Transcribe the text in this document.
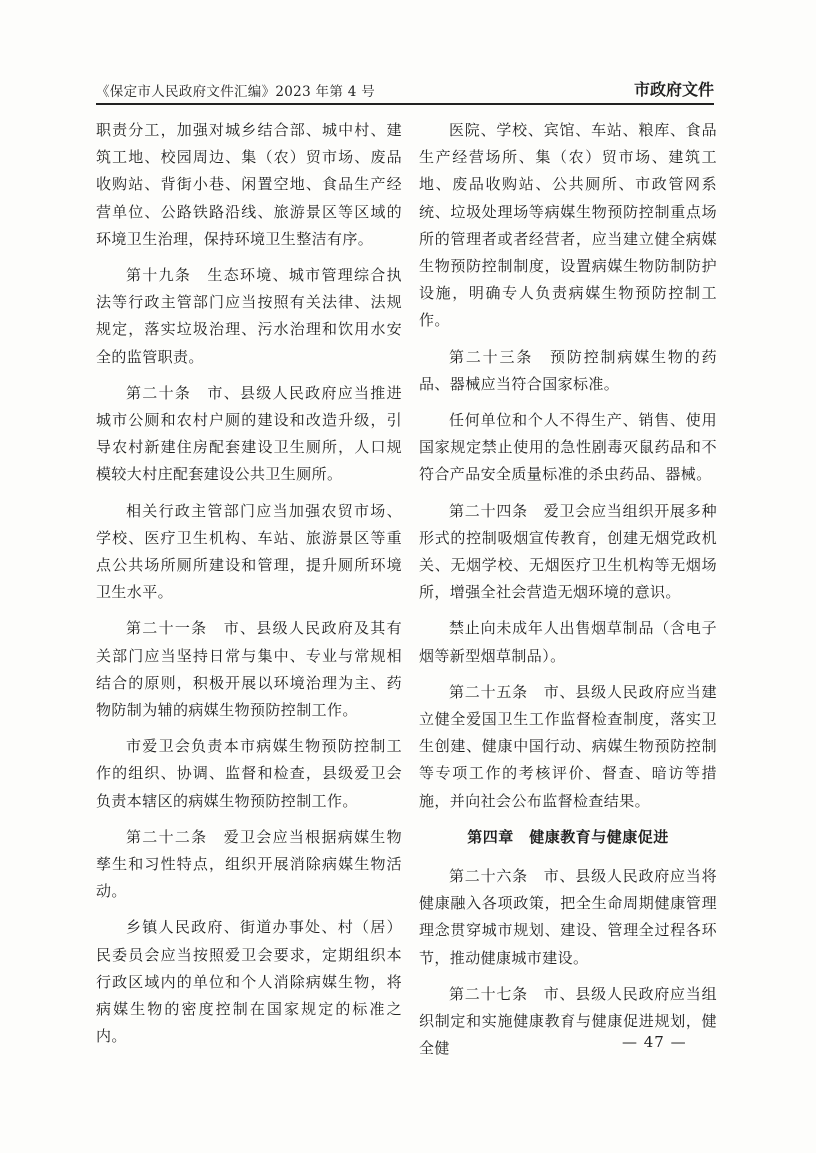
《保定市人民政府文件汇编》2023 年第 4 号	市政府文件

职责分工，加强对城乡结合部、城中村、建筑工地、校园周边、集（农）贸市场、废品收购站、背街小巷、闲置空地、食品生产经营单位、公路铁路沿线、旅游景区等区域的环境卫生治理，保持环境卫生整洁有序。

第十九条　生态环境、城市管理综合执法等行政主管部门应当按照有关法律、法规规定，落实垃圾治理、污水治理和饮用水安全的监管职责。

第二十条　市、县级人民政府应当推进城市公厕和农村户厕的建设和改造升级，引导农村新建住房配套建设卫生厕所，人口规模较大村庄配套建设公共卫生厕所。

相关行政主管部门应当加强农贸市场、学校、医疗卫生机构、车站、旅游景区等重点公共场所厕所建设和管理，提升厕所环境卫生水平。

第二十一条　市、县级人民政府及其有关部门应当坚持日常与集中、专业与常规相结合的原则，积极开展以环境治理为主、药物防制为辅的病媒生物预防控制工作。

市爱卫会负责本市病媒生物预防控制工作的组织、协调、监督和检查，县级爱卫会负责本辖区的病媒生物预防控制工作。

第二十二条　爱卫会应当根据病媒生物孳生和习性特点，组织开展消除病媒生物活动。

乡镇人民政府、街道办事处、村（居）民委员会应当按照爱卫会要求，定期组织本行政区域内的单位和个人消除病媒生物，将病媒生物的密度控制在国家规定的标准之内。

医院、学校、宾馆、车站、粮库、食品生产经营场所、集（农）贸市场、建筑工地、废品收购站、公共厕所、市政管网系统、垃圾处理场等病媒生物预防控制重点场所的管理者或者经营者，应当建立健全病媒生物预防控制制度，设置病媒生物防制防护设施，明确专人负责病媒生物预防控制工作。

第二十三条　预防控制病媒生物的药品、器械应当符合国家标准。

任何单位和个人不得生产、销售、使用国家规定禁止使用的急性剧毒灭鼠药品和不符合产品安全质量标准的杀虫药品、器械。

第二十四条　爱卫会应当组织开展多种形式的控制吸烟宣传教育，创建无烟党政机关、无烟学校、无烟医疗卫生机构等无烟场所，增强全社会营造无烟环境的意识。

禁止向未成年人出售烟草制品（含电子烟等新型烟草制品）。

第二十五条　市、县级人民政府应当建立健全爱国卫生工作监督检查制度，落实卫生创建、健康中国行动、病媒生物预防控制等专项工作的考核评价、督查、暗访等措施，并向社会公布监督检查结果。

第四章　健康教育与健康促进

第二十六条　市、县级人民政府应当将健康融入各项政策，把全生命周期健康管理理念贯穿城市规划、建设、管理全过程各环节，推动健康城市建设。

第二十七条　市、县级人民政府应当组织制定和实施健康教育与健康促进规划，健全健	— 47 —
